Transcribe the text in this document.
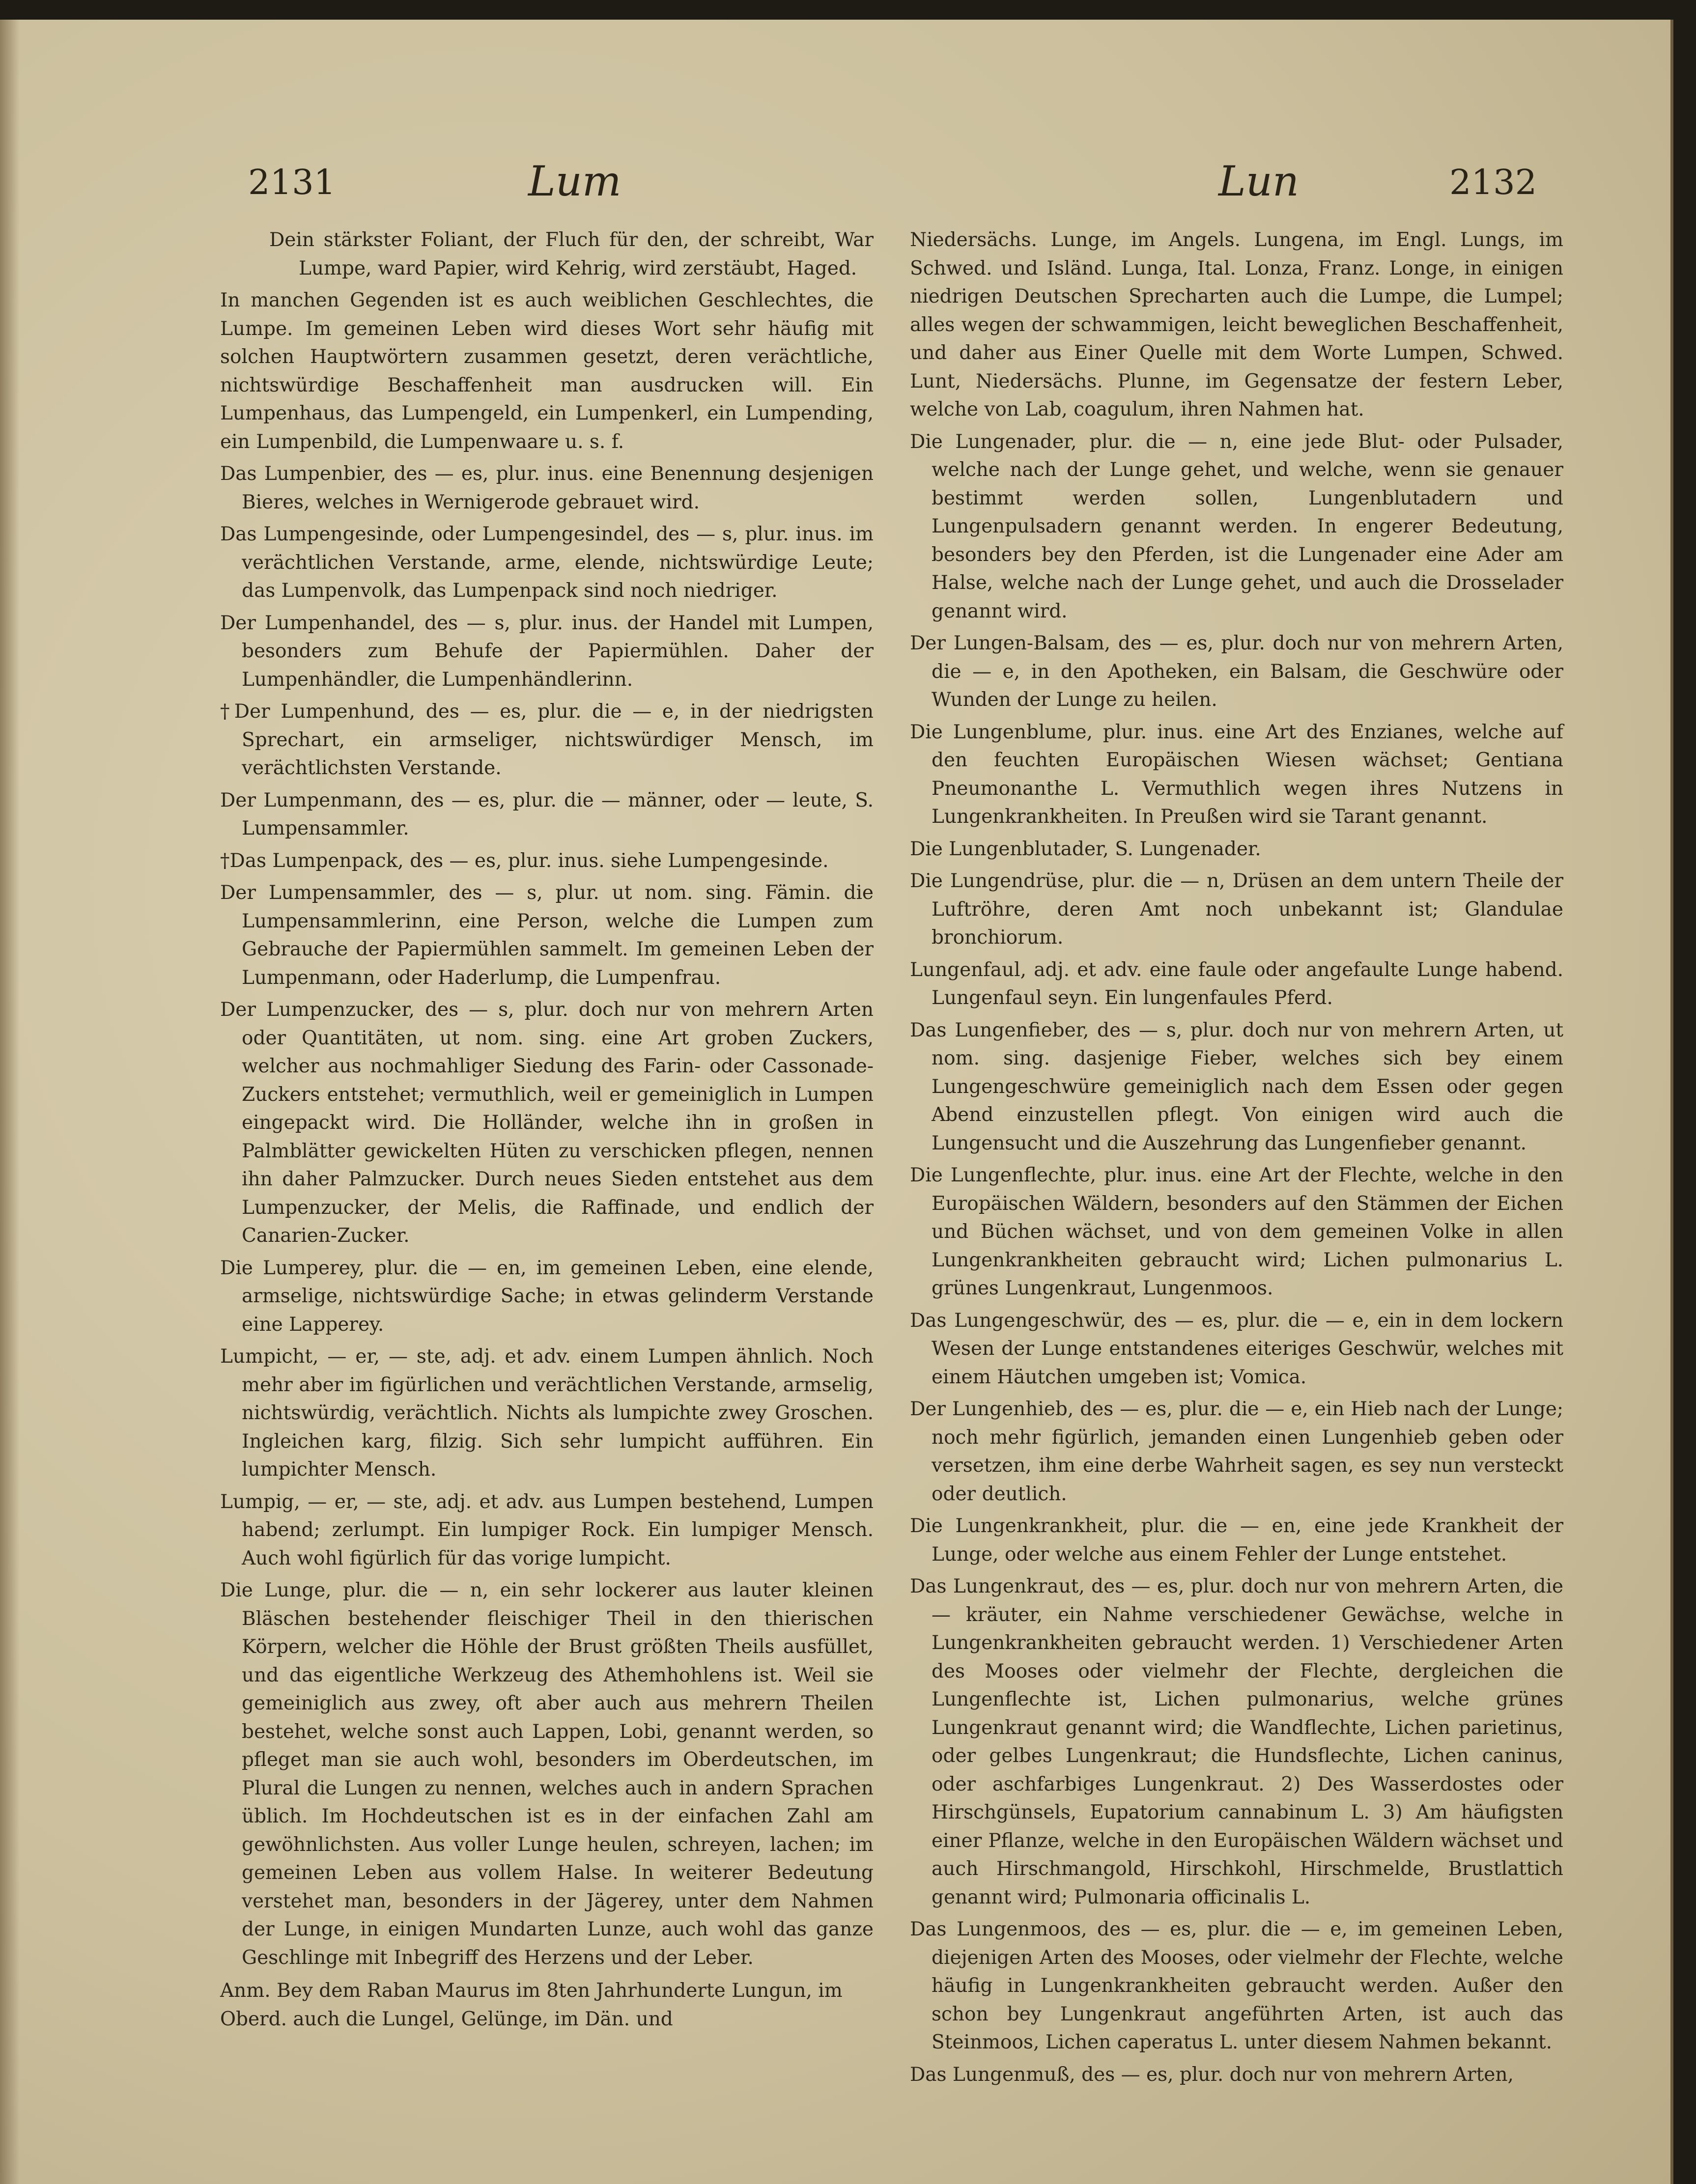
2131	Lum	Lun	2132

Dein stärkster Foliant, der Fluch für den, der schreibt, War Lumpe, ward Papier, wird Kehrig, wird zerstäubt, Haged.

In manchen Gegenden ist es auch weiblichen Geschlechtes, die Lumpe. Im gemeinen Leben wird dieses Wort sehr häufig mit solchen Hauptwörtern zusammen gesetzt, deren verächtliche, nichtswürdige Beschaffenheit man ausdrucken will. Ein Lumpenhaus, das Lumpengeld, ein Lumpenkerl, ein Lumpending, ein Lumpenbild, die Lumpenwaare u. s. f.

Das Lumpenbier, des — es, plur. inus. eine Benennung desjenigen Bieres, welches in Wernigerode gebrauet wird.

Das Lumpengesinde, oder Lumpengesindel, des — s, plur. inus. im verächtlichen Verstande, arme, elende, nichtswürdige Leute; das Lumpenvolk, das Lumpenpack sind noch niedriger.

Der Lumpenhandel, des — s, plur. inus. der Handel mit Lumpen, besonders zum Behufe der Papiermühlen. Daher der Lumpenhändler, die Lumpenhändlerinn.

†Der Lumpenhund, des — es, plur. die — e, in der niedrigsten Sprechart, ein armseliger, nichtswürdiger Mensch, im verächtlichsten Verstande.

Der Lumpenmann, des — es, plur. die — männer, oder — leute, S. Lumpensammler.

†Das Lumpenpack, des — es, plur. inus. siehe Lumpengesinde.

Der Lumpensammler, des — s, plur. ut nom. sing. Fämin. die Lumpensammlerinn, eine Person, welche die Lumpen zum Gebrauche der Papiermühlen sammelt. Im gemeinen Leben der Lumpenmann, oder Haderlump, die Lumpenfrau.

Der Lumpenzucker, des — s, plur. doch nur von mehrern Arten oder Quantitäten, ut nom. sing. eine Art groben Zuckers, welcher aus nochmahliger Siedung des Farin- oder Cassonade-Zuckers entstehet; vermuthlich, weil er gemeiniglich in Lumpen eingepackt wird. Die Holländer, welche ihn in großen in Palmblätter gewickelten Hüten zu verschicken pflegen, nennen ihn daher Palmzucker. Durch neues Sieden entstehet aus dem Lumpenzucker, der Melis, die Raffinade, und endlich der Canarien-Zucker.

Die Lumperey, plur. die — en, im gemeinen Leben, eine elende, armselige, nichtswürdige Sache; in etwas gelinderm Verstande eine Lapperey.

Lumpicht, — er, — ste, adj. et adv. einem Lumpen ähnlich. Noch mehr aber im figürlichen und verächtlichen Verstande, armselig, nichtswürdig, verächtlich. Nichts als lumpichte zwey Groschen. Ingleichen karg, filzig. Sich sehr lumpicht aufführen. Ein lumpichter Mensch.

Lumpig, — er, — ste, adj. et adv. aus Lumpen bestehend, Lumpen habend; zerlumpt. Ein lumpiger Rock. Ein lumpiger Mensch. Auch wohl figürlich für das vorige lumpicht.

Die Lunge, plur. die — n, ein sehr lockerer aus lauter kleinen Bläschen bestehender fleischiger Theil in den thierischen Körpern, welcher die Höhle der Brust größten Theils ausfüllet, und das eigentliche Werkzeug des Athemhohlens ist. Weil sie gemeiniglich aus zwey, oft aber auch aus mehrern Theilen bestehet, welche sonst auch Lappen, Lobi, genannt werden, so pfleget man sie auch wohl, besonders im Oberdeutschen, im Plural die Lungen zu nennen, welches auch in andern Sprachen üblich. Im Hochdeutschen ist es in der einfachen Zahl am gewöhnlichsten. Aus voller Lunge heulen, schreyen, lachen; im gemeinen Leben aus vollem Halse. In weiterer Bedeutung verstehet man, besonders in der Jägerey, unter dem Nahmen der Lunge, in einigen Mundarten Lunze, auch wohl das ganze Geschlinge mit Inbegriff des Herzens und der Leber.

Anm. Bey dem Raban Maurus im 8ten Jahrhunderte Lungun, im Oberd. auch die Lungel, Gelünge, im Dän. und

Niedersächs. Lunge, im Angels. Lungena, im Engl. Lungs, im Schwed. und Isländ. Lunga, Ital. Lonza, Franz. Longe, in einigen niedrigen Deutschen Sprecharten auch die Lumpe, die Lumpel; alles wegen der schwammigen, leicht beweglichen Beschaffenheit, und daher aus Einer Quelle mit dem Worte Lumpen, Schwed. Lunt, Niedersächs. Plunne, im Gegensatze der festern Leber, welche von Lab, coagulum, ihren Nahmen hat.

Die Lungenader, plur. die — n, eine jede Blut- oder Pulsader, welche nach der Lunge gehet, und welche, wenn sie genauer bestimmt werden sollen, Lungenblutadern und Lungenpulsadern genannt werden. In engerer Bedeutung, besonders bey den Pferden, ist die Lungenader eine Ader am Halse, welche nach der Lunge gehet, und auch die Drosselader genannt wird.

Der Lungen-Balsam, des — es, plur. doch nur von mehrern Arten, die — e, in den Apotheken, ein Balsam, die Geschwüre oder Wunden der Lunge zu heilen.

Die Lungenblume, plur. inus. eine Art des Enzianes, welche auf den feuchten Europäischen Wiesen wächset; Gentiana Pneumonanthe L. Vermuthlich wegen ihres Nutzens in Lungenkrankheiten. In Preußen wird sie Tarant genannt.

Die Lungenblutader, S. Lungenader.

Die Lungendrüse, plur. die — n, Drüsen an dem untern Theile der Luftröhre, deren Amt noch unbekannt ist; Glandulae bronchiorum.

Lungenfaul, adj. et adv. eine faule oder angefaulte Lunge habend. Lungenfaul seyn. Ein lungenfaules Pferd.

Das Lungenfieber, des — s, plur. doch nur von mehrern Arten, ut nom. sing. dasjenige Fieber, welches sich bey einem Lungengeschwüre gemeiniglich nach dem Essen oder gegen Abend einzustellen pflegt. Von einigen wird auch die Lungensucht und die Auszehrung das Lungenfieber genannt.

Die Lungenflechte, plur. inus. eine Art der Flechte, welche in den Europäischen Wäldern, besonders auf den Stämmen der Eichen und Büchen wächset, und von dem gemeinen Volke in allen Lungenkrankheiten gebraucht wird; Lichen pulmonarius L. grünes Lungenkraut, Lungenmoos.

Das Lungengeschwür, des — es, plur. die — e, ein in dem lockern Wesen der Lunge entstandenes eiteriges Geschwür, welches mit einem Häutchen umgeben ist; Vomica.

Der Lungenhieb, des — es, plur. die — e, ein Hieb nach der Lunge; noch mehr figürlich, jemanden einen Lungenhieb geben oder versetzen, ihm eine derbe Wahrheit sagen, es sey nun versteckt oder deutlich.

Die Lungenkrankheit, plur. die — en, eine jede Krankheit der Lunge, oder welche aus einem Fehler der Lunge entstehet.

Das Lungenkraut, des — es, plur. doch nur von mehrern Arten, die — kräuter, ein Nahme verschiedener Gewächse, welche in Lungenkrankheiten gebraucht werden. 1) Verschiedener Arten des Mooses oder vielmehr der Flechte, dergleichen die Lungenflechte ist, Lichen pulmonarius, welche grünes Lungenkraut genannt wird; die Wandflechte, Lichen parietinus, oder gelbes Lungenkraut; die Hundsflechte, Lichen caninus, oder aschfarbiges Lungenkraut. 2) Des Wasserdostes oder Hirschgünsels, Eupatorium cannabinum L. 3) Am häufigsten einer Pflanze, welche in den Europäischen Wäldern wächset und auch Hirschmangold, Hirschkohl, Hirschmelde, Brustlattich genannt wird; Pulmonaria officinalis L.

Das Lungenmoos, des — es, plur. die — e, im gemeinen Leben, diejenigen Arten des Mooses, oder vielmehr der Flechte, welche häufig in Lungenkrankheiten gebraucht werden. Außer den schon bey Lungenkraut angeführten Arten, ist auch das Steinmoos, Lichen caperatus L. unter diesem Nahmen bekannt.

Das Lungenmuß, des — es, plur. doch nur von mehrern Arten,
